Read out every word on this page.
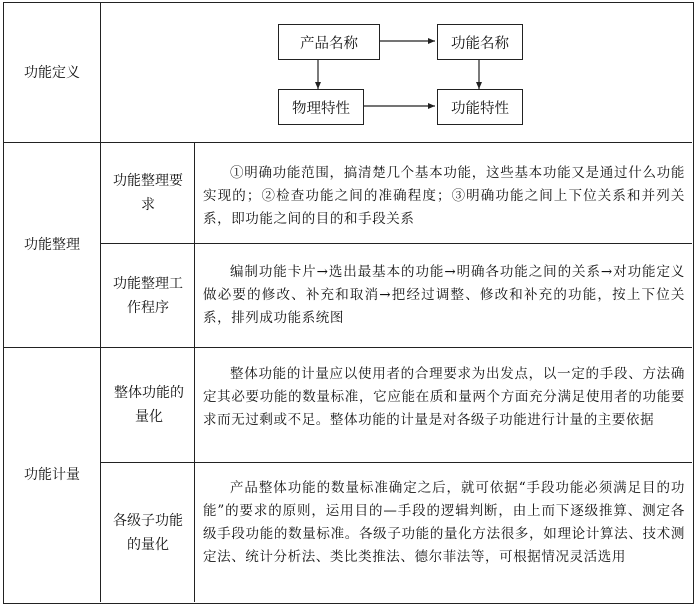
功能定义
产品名称	功能名称
物理特性	功能特性
功能整理
功能整理要求
①明确功能范围，搞清楚几个基本功能，这些基本功能又是通过什么功能实现的；②检查功能之间的准确程度；③明确功能之间上下位关系和并列关系，即功能之间的目的和手段关系
功能整理工作程序
编制功能卡片→选出最基本的功能→明确各功能之间的关系→对功能定义做必要的修改、补充和取消→把经过调整、修改和补充的功能，按上下位关系，排列成功能系统图
功能计量
整体功能的量化
整体功能的计量应以使用者的合理要求为出发点，以一定的手段、方法确定其必要功能的数量标准，它应能在质和量两个方面充分满足使用者的功能要求而无过剩或不足。整体功能的计量是对各级子功能进行计量的主要依据
各级子功能的量化
产品整体功能的数量标准确定之后，就可依据“手段功能必须满足目的功能”的要求的原则，运用目的—手段的逻辑判断，由上而下逐级推算、测定各级手段功能的数量标准。各级子功能的量化方法很多，如理论计算法、技术测定法、统计分析法、类比类推法、德尔菲法等，可根据情况灵活选用
